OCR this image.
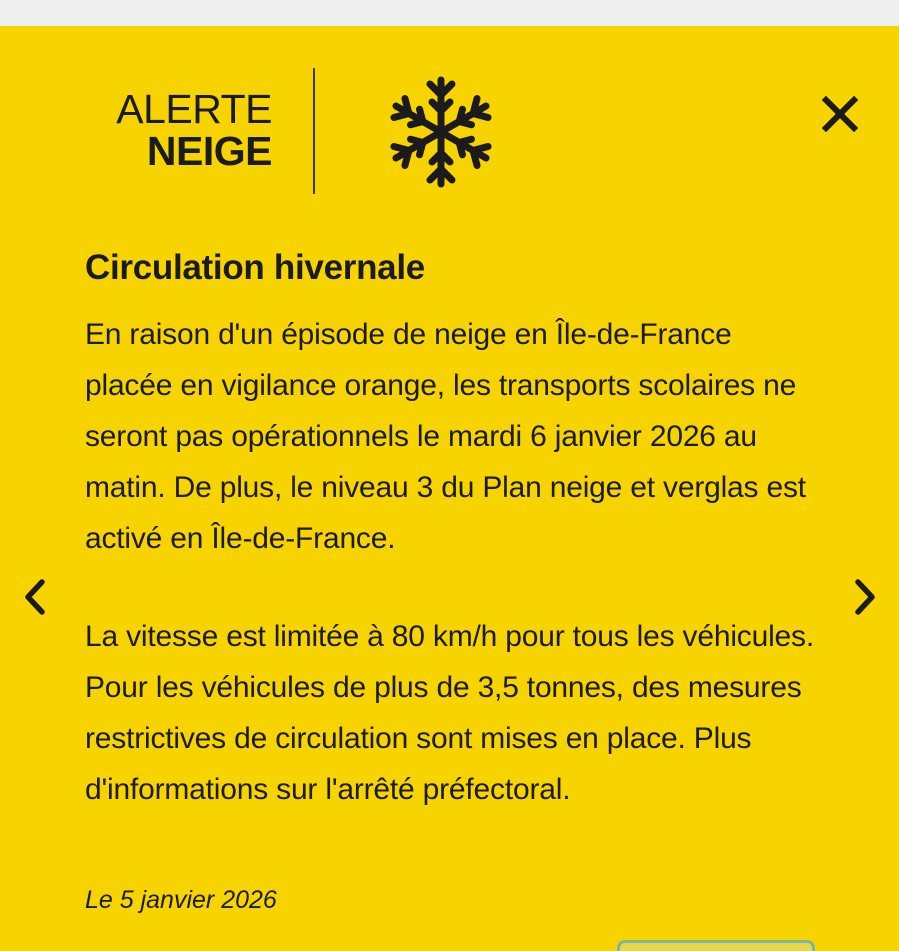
ALERTE
NEIGE
Circulation hivernale

En raison d'un épisode de neige en Île-de-France placée en vigilance orange, les transports scolaires ne seront pas opérationnels le mardi 6 janvier 2026 au matin. De plus, le niveau 3 du Plan neige et verglas est activé en Île-de-France.

La vitesse est limitée à 80 km/h pour tous les véhicules. Pour les véhicules de plus de 3,5 tonnes, des mesures restrictives de circulation sont mises en place. Plus d'informations sur l'arrêté préfectoral.

Le 5 janvier 2026
